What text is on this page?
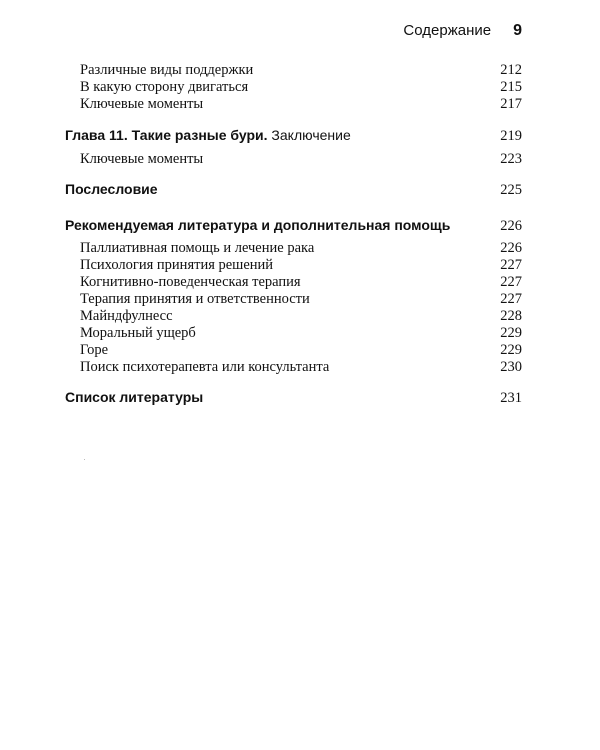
Содержание 9
Различные виды поддержки	212
В какую сторону двигаться	215
Ключевые моменты	217
Глава 11. Такие разные бури. Заключение	219
Ключевые моменты	223
Послесловие	225
Рекомендуемая литература и дополнительная помощь	226
Паллиативная помощь и лечение рака	226
Психология принятия решений	227
Когнитивно-поведенческая терапия	227
Терапия принятия и ответственности	227
Майндфулнесс	228
Моральный ущерб	229
Горе	229
Поиск психотерапевта или консультанта	230
Список литературы	231
